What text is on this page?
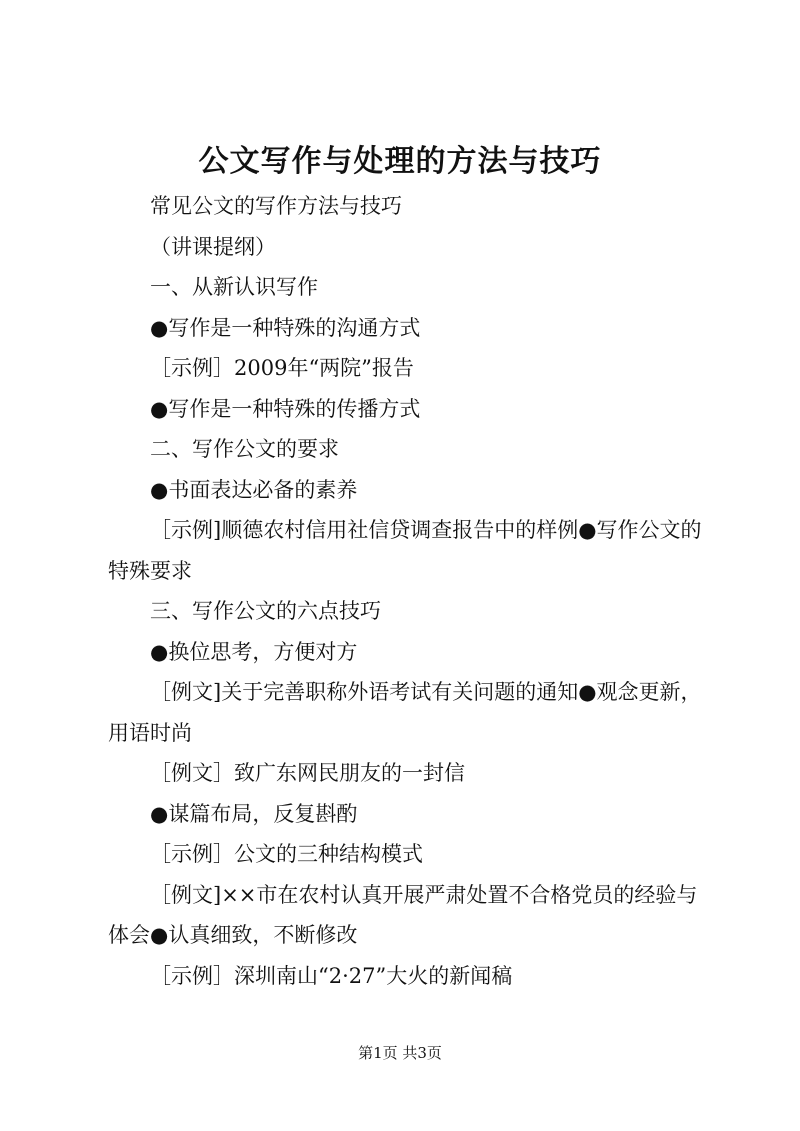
公文写作与处理的方法与技巧

常见公文的写作方法与技巧

（讲课提纲）

一、从新认识写作

●写作是一种特殊的沟通方式

［示例］2009年“两院”报告

●写作是一种特殊的传播方式

二、写作公文的要求

●书面表达必备的素养

［示例]顺德农村信用社信贷调查报告中的样例●写作公文的特殊要求

三、写作公文的六点技巧

●换位思考，方便对方

［例文]关于完善职称外语考试有关问题的通知●观念更新，用语时尚

［例文］致广东网民朋友的一封信

●谋篇布局，反复斟酌

［示例］公文的三种结构模式

［例文]××市在农村认真开展严肃处置不合格党员的经验与体会●认真细致，不断修改

［示例］深圳南山“2·27”大火的新闻稿

第1页 共3页
